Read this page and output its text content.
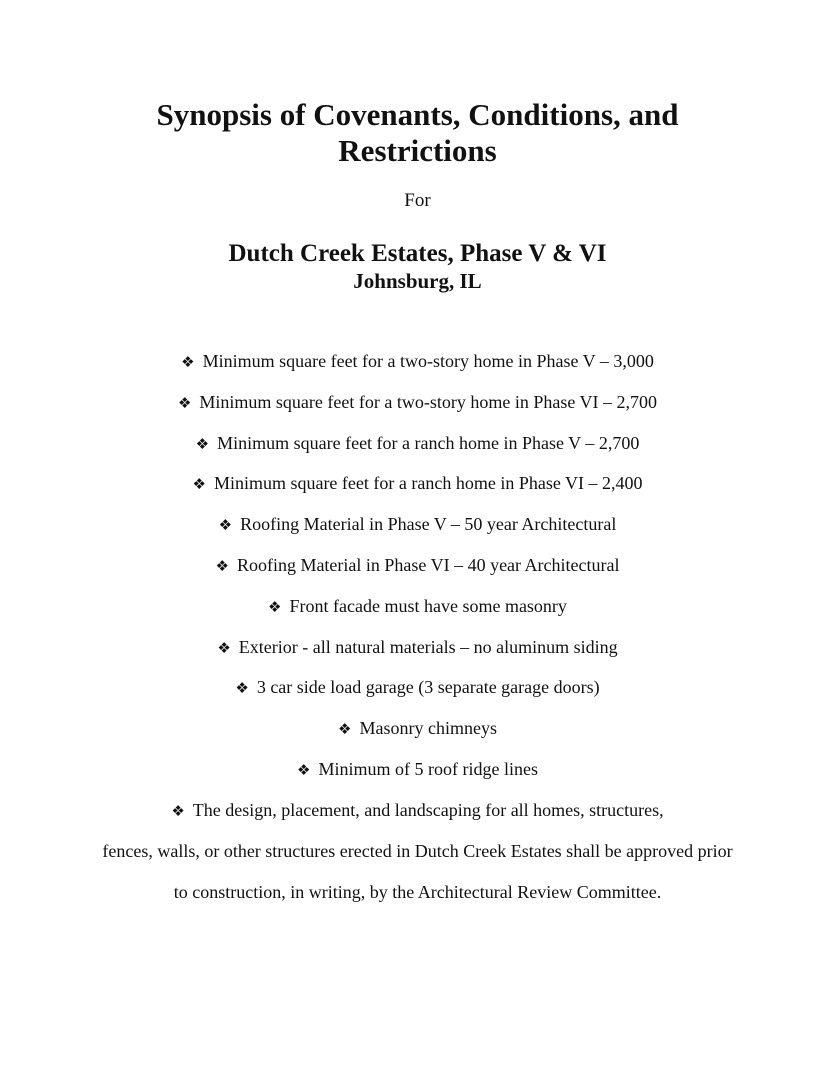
Synopsis of Covenants, Conditions, and
Restrictions
For
Dutch Creek Estates, Phase V & VI
Johnsburg, IL
❖ Minimum square feet for a two-story home in Phase V – 3,000
❖ Minimum square feet for a two-story home in Phase VI – 2,700
❖ Minimum square feet for a ranch home in Phase V – 2,700
❖ Minimum square feet for a ranch home in Phase VI – 2,400
❖ Roofing Material in Phase V – 50 year Architectural
❖ Roofing Material in Phase VI – 40 year Architectural
❖ Front facade must have some masonry
❖ Exterior - all natural materials – no aluminum siding
❖ 3 car side load garage (3 separate garage doors)
❖ Masonry chimneys
❖ Minimum of 5 roof ridge lines
❖ The design, placement, and landscaping for all homes, structures,
fences, walls, or other structures erected in Dutch Creek Estates shall be approved prior
to construction, in writing, by the Architectural Review Committee.
